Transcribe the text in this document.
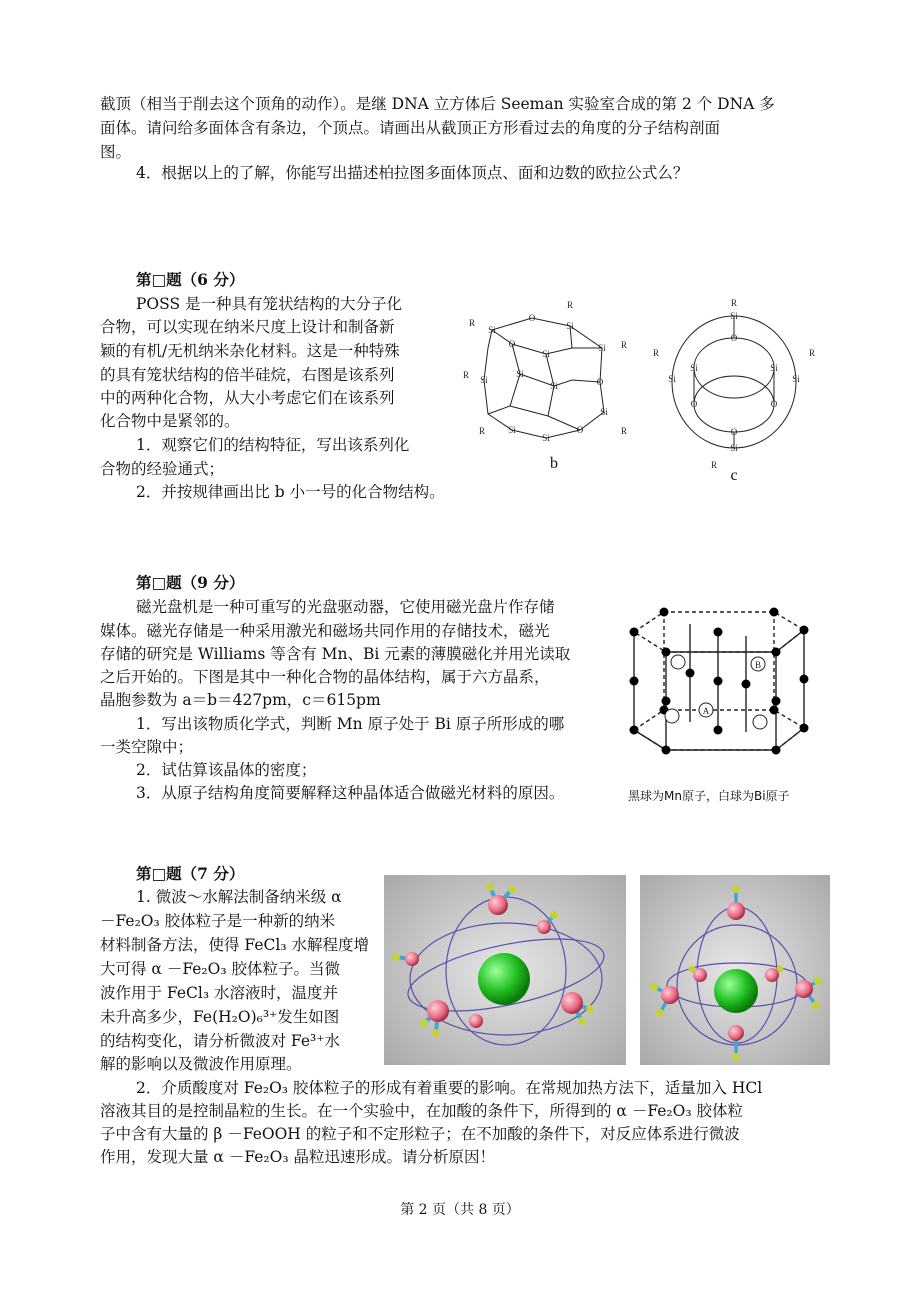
截顶（相当于削去这个顶角的动作）。是继 DNA 立方体后 Seeman 实验室合成的第 2 个 DNA 多
面体。请问给多面体含有条边，个顶点。请画出从截顶正方形看过去的角度的分子结构剖面
图。
4．根据以上的了解，你能写出描述柏拉图多面体顶点、面和边数的欧拉公式么？
第□题（6 分）
POSS 是一种具有笼状结构的大分子化
合物，可以实现在纳米尺度上设计和制备新
颖的有机/无机纳米杂化材料。这是一种特殊
的具有笼状结构的倍半硅烷，右图是该系列
中的两种化合物，从大小考虑它们在该系列
化合物中是紧邻的。
1．观察它们的结构特征，写出该系列化
合物的经验通式；
2．并按规律画出比 b 小一号的化合物结构。
Si
O
Si
Si
O
Si
Si
Si
Si	O
Si
Si
O
Si
R
R
R
R
R
R
R
Si
Si	Si
Si	Si
O	O
Si
O
O
R	R
R
b
c
第□题（9 分）
磁光盘机是一种可重写的光盘驱动器，它使用磁光盘片作存储
媒体。磁光存储是一种采用激光和磁场共同作用的存储技术，磁光
存储的研究是 Williams 等含有 Mn、Bi 元素的薄膜磁化并用光读取
之后开始的。下图是其中一种化合物的晶体结构，属于六方晶系，
晶胞参数为 a＝b＝427pm，c＝615pm
1．写出该物质化学式，判断 Mn 原子处于 Bi 原子所形成的哪
一类空隙中；
2．试估算该晶体的密度；
3．从原子结构角度简要解释这种晶体适合做磁光材料的原因。
B
A
黑球为Mn原子，白球为Bi原子
第□题（7 分）
1. 微波～水解法制备纳米级 α
－Fe₂O₃ 胶体粒子是一种新的纳米
材料制备方法，使得 FeCl₃ 水解程度增
大可得 α －Fe₂O₃ 胶体粒子。当微
波作用于 FeCl₃ 水溶液时，温度并
未升高多少，Fe(H₂O)₆³⁺发生如图
的结构变化，请分析微波对 Fe³⁺水
解的影响以及微波作用原理。
2．介质酸度对 Fe₂O₃ 胶体粒子的形成有着重要的影响。在常规加热方法下，适量加入 HCl
溶液其目的是控制晶粒的生长。在一个实验中，在加酸的条件下，所得到的 α －Fe₂O₃ 胶体粒
子中含有大量的 β －FeOOH 的粒子和不定形粒子；在不加酸的条件下，对反应体系进行微波
作用，发现大量 α －Fe₂O₃ 晶粒迅速形成。请分析原因！
第 2 页（共 8 页）
